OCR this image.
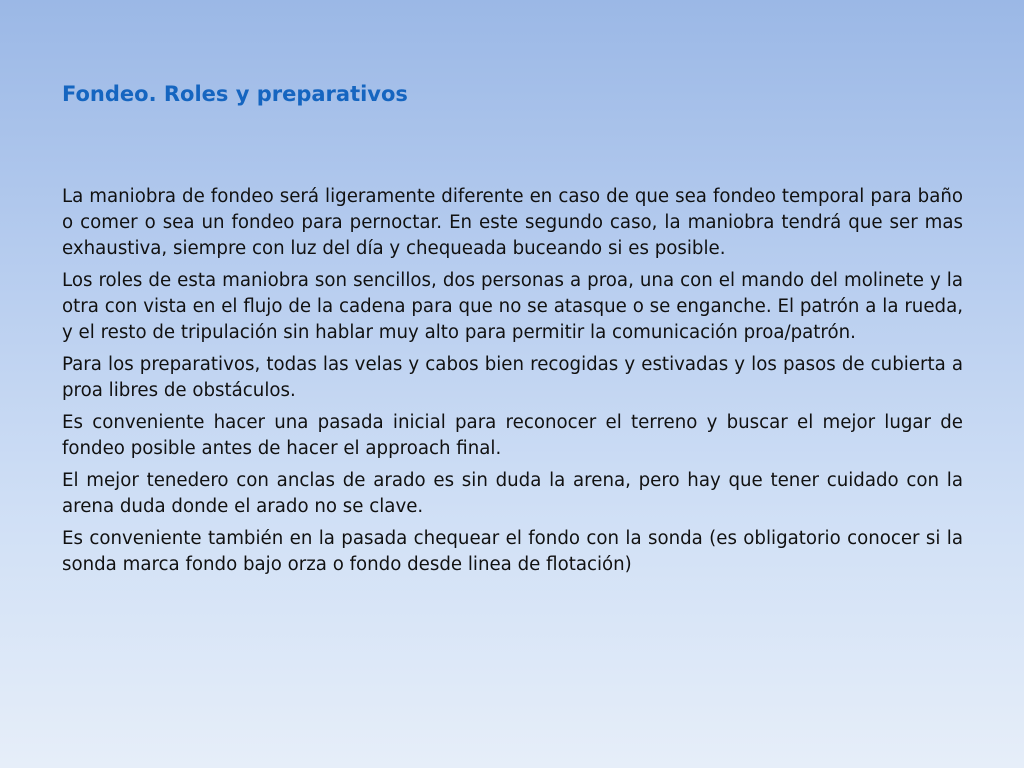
Fondeo. Roles y preparativos

La maniobra de fondeo será ligeramente diferente en caso de que sea fondeo temporal para baño o comer o sea un fondeo para pernoctar. En este segundo caso, la maniobra tendrá que ser mas exhaustiva, siempre con luz del día y chequeada buceando si es posible.

Los roles de esta maniobra son sencillos, dos personas a proa, una con el mando del molinete y la otra con vista en el flujo de la cadena para que no se atasque o se enganche. El patrón a la rueda, y el resto de tripulación sin hablar muy alto para permitir la comunicación proa/patrón.

Para los preparativos, todas las velas y cabos bien recogidas y estivadas y los pasos de cubierta a proa libres de obstáculos.

Es conveniente hacer una pasada inicial para reconocer el terreno y buscar el mejor lugar de fondeo posible antes de hacer el approach final.

El mejor tenedero con anclas de arado es sin duda la arena, pero hay que tener cuidado con la arena duda donde el arado no se clave.

Es conveniente también en la pasada chequear el fondo con la sonda (es obligatorio conocer si la sonda marca fondo bajo orza o fondo desde linea de flotación)
